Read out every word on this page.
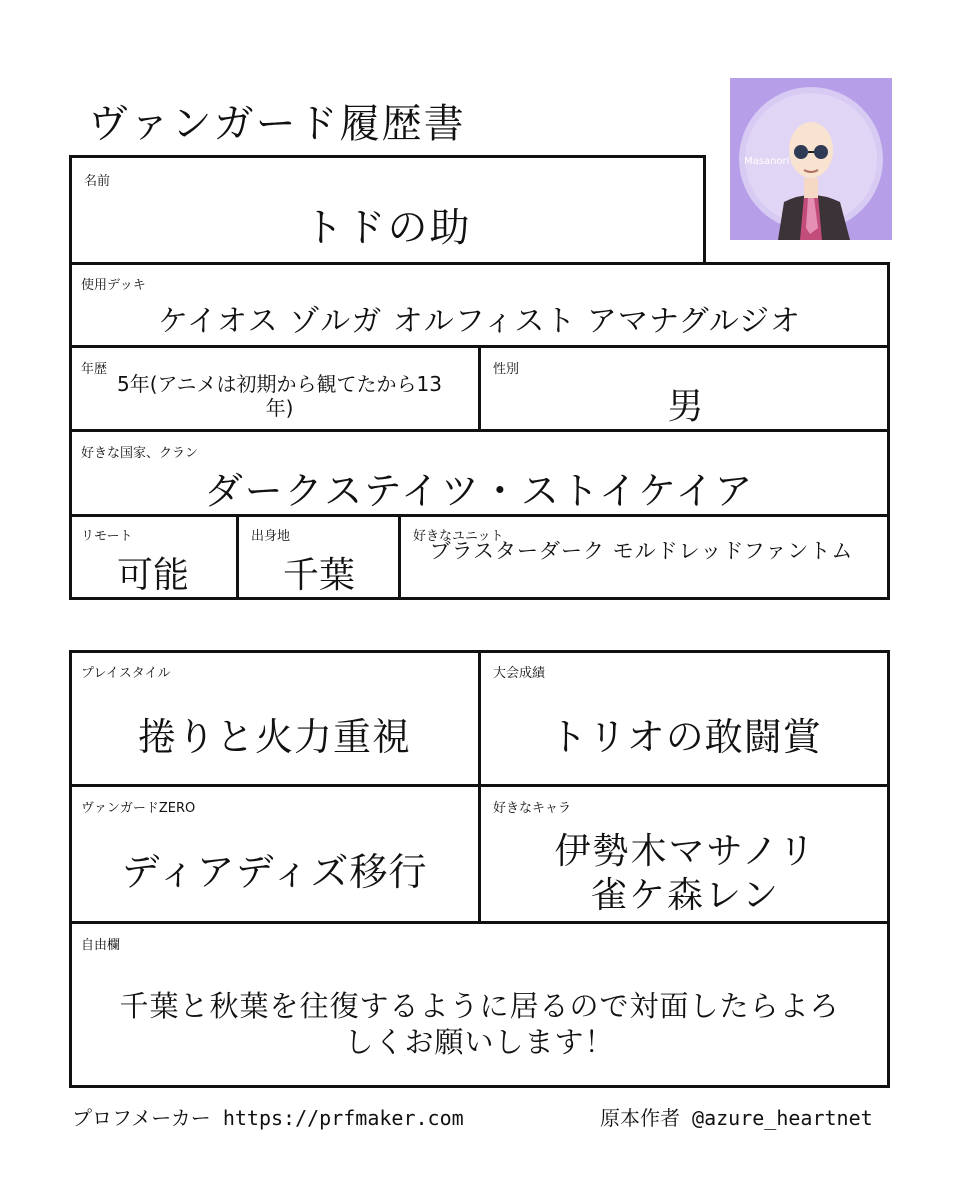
ヴァンガード履歴書
Masanori
名前
トドの助
使用デッキ
ケイオス ゾルガ オルフィスト アマナグルジオ
年歴
5年(アニメは初期から観てたから13年)
性別
男
好きな国家、クラン
ダークステイツ・ストイケイア
リモート
可能
出身地
千葉
好きなユニット
ブラスターダーク モルドレッドファントム
プレイスタイル
捲りと火力重視
大会成績
トリオの敢闘賞
ヴァンガードZERO
ディアディズ移行
好きなキャラ
伊勢木マサノリ
雀ケ森レン
自由欄
千葉と秋葉を往復するように居るので対面したらよろ
しくお願いします！
プロフメーカー https://prfmaker.com	原本作者 @azure_heartnet
